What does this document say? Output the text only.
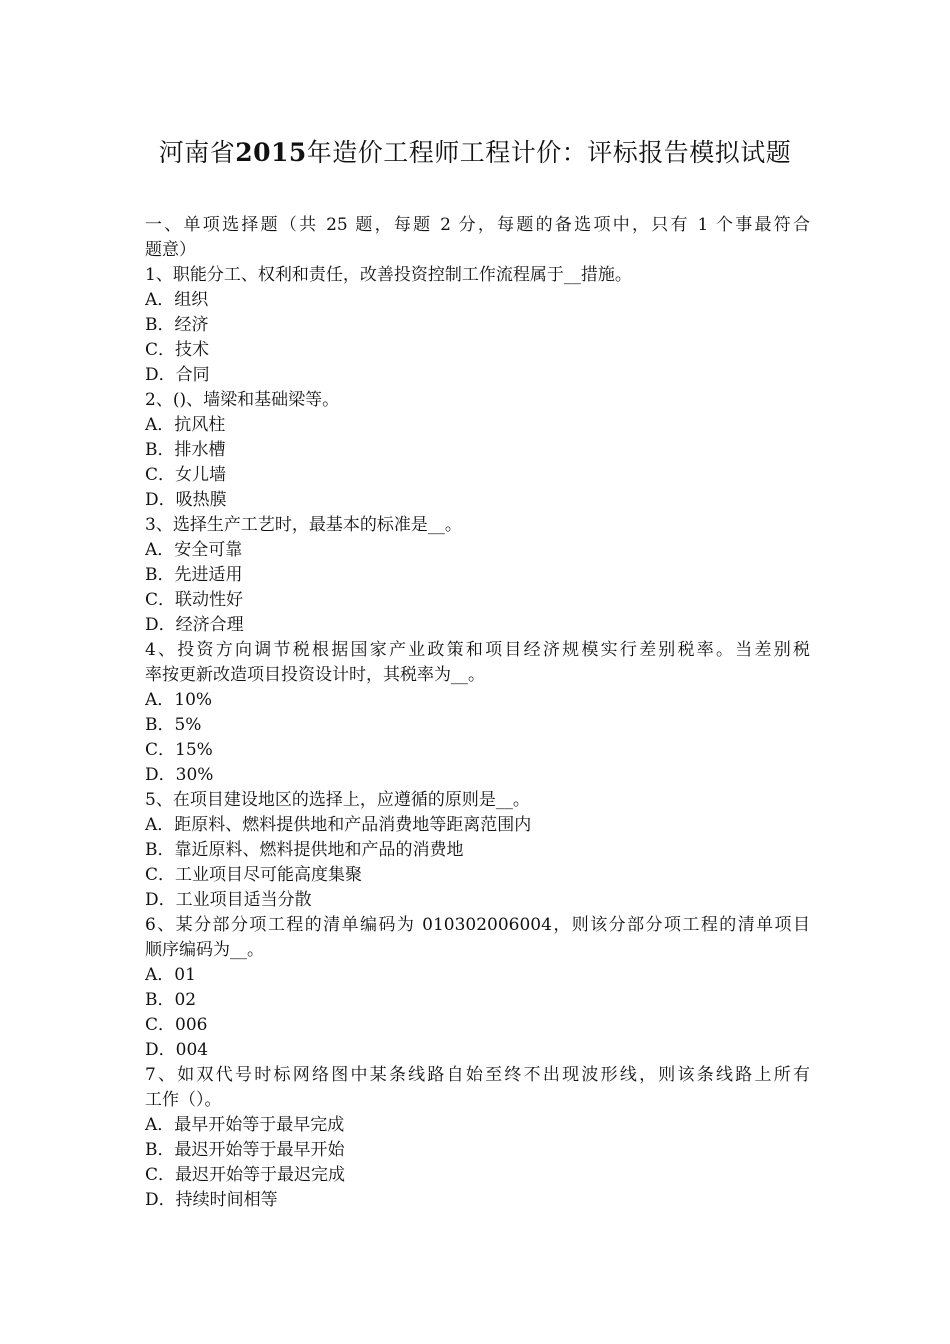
河南省2015年造价工程师工程计价：评标报告模拟试题
一、单项选择题（共 25 题，每题 2 分，每题的备选项中，只有 1 个事最符合
题意）
1、职能分工、权利和责任，改善投资控制工作流程属于__措施。
A．组织
B．经济
C．技术
D．合同
2、()、墙梁和基础梁等。
A．抗风柱
B．排水槽
C．女儿墙
D．吸热膜
3、选择生产工艺时，最基本的标准是__。
A．安全可靠
B．先进适用
C．联动性好
D．经济合理
4、投资方向调节税根据国家产业政策和项目经济规模实行差别税率。当差别税
率按更新改造项目投资设计时，其税率为__。
A．10%
B．5%
C．15%
D．30%
5、在项目建设地区的选择上，应遵循的原则是__。
A．距原料、燃料提供地和产品消费地等距离范围内
B．靠近原料、燃料提供地和产品的消费地
C．工业项目尽可能高度集聚
D．工业项目适当分散
6、某分部分项工程的清单编码为 010302006004，则该分部分项工程的清单项目
顺序编码为__。
A．01
B．02
C．006
D．004
7、如双代号时标网络图中某条线路自始至终不出现波形线，则该条线路上所有
工作（）。
A．最早开始等于最早完成
B．最迟开始等于最早开始
C．最迟开始等于最迟完成
D．持续时间相等
